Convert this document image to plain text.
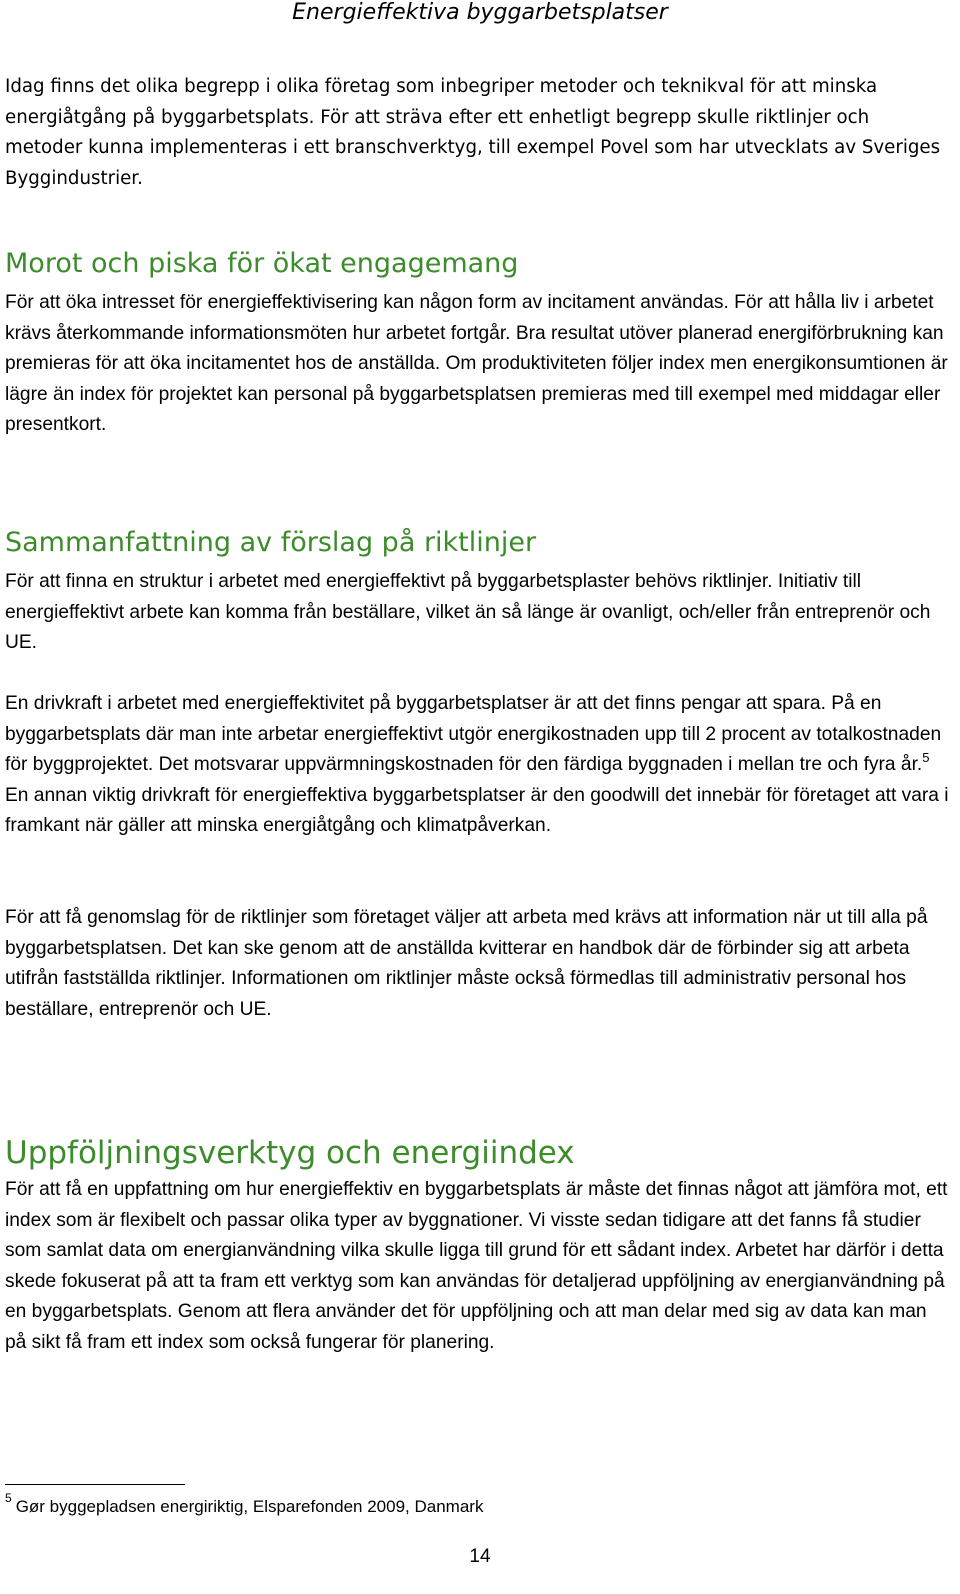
Energieffektiva byggarbetsplatser

Idag finns det olika begrepp i olika företag som inbegriper metoder och teknikval för att minska energiåtgång på byggarbetsplats. För att sträva efter ett enhetligt begrepp skulle riktlinjer och metoder kunna implementeras i ett branschverktyg, till exempel Povel som har utvecklats av Sveriges Byggindustrier.

Morot och piska för ökat engagemang

För att öka intresset för energieffektivisering kan någon form av incitament användas. För att hålla liv i arbetet krävs återkommande informationsmöten hur arbetet fortgår. Bra resultat utöver planerad energiförbrukning kan premieras för att öka incitamentet hos de anställda. Om produktiviteten följer index men energikonsumtionen är lägre än index för projektet kan personal på byggarbetsplatsen premieras med till exempel med middagar eller presentkort.

Sammanfattning av förslag på riktlinjer

För att finna en struktur i arbetet med energieffektivt på byggarbetsplaster behövs riktlinjer. Initiativ till energieffektivt arbete kan komma från beställare, vilket än så länge är ovanligt, och/eller från entreprenör och UE.

En drivkraft i arbetet med energieffektivitet på byggarbetsplatser är att det finns pengar att spara. På en byggarbetsplats där man inte arbetar energieffektivt utgör energikostnaden upp till 2 procent av totalkostnaden för byggprojektet. Det motsvarar uppvärmningskostnaden för den färdiga byggnaden i mellan tre och fyra år.$^5$ En annan viktig drivkraft för energieffektiva byggarbetsplatser är den goodwill det innebär för företaget att vara i framkant när gäller att minska energiåtgång och klimatpåverkan.

För att få genomslag för de riktlinjer som företaget väljer att arbeta med krävs att information när ut till alla på byggarbetsplatsen. Det kan ske genom att de anställda kvitterar en handbok där de förbinder sig att arbeta utifrån fastställda riktlinjer. Informationen om riktlinjer måste också förmedlas till administrativ personal hos beställare, entreprenör och UE.

Uppföljningsverktyg och energiindex

För att få en uppfattning om hur energieffektiv en byggarbetsplats är måste det finnas något att jämföra mot, ett index som är flexibelt och passar olika typer av byggnationer. Vi visste sedan tidigare att det fanns få studier som samlat data om energianvändning vilka skulle ligga till grund för ett sådant index. Arbetet har därför i detta skede fokuserat på att ta fram ett verktyg som kan användas för detaljerad uppföljning av energianvändning på en byggarbetsplats. Genom att flera använder det för uppföljning och att man delar med sig av data kan man på sikt få fram ett index som också fungerar för planering.

$^5$ Gør byggepladsen energiriktig, Elsparefonden 2009, Danmark
14
